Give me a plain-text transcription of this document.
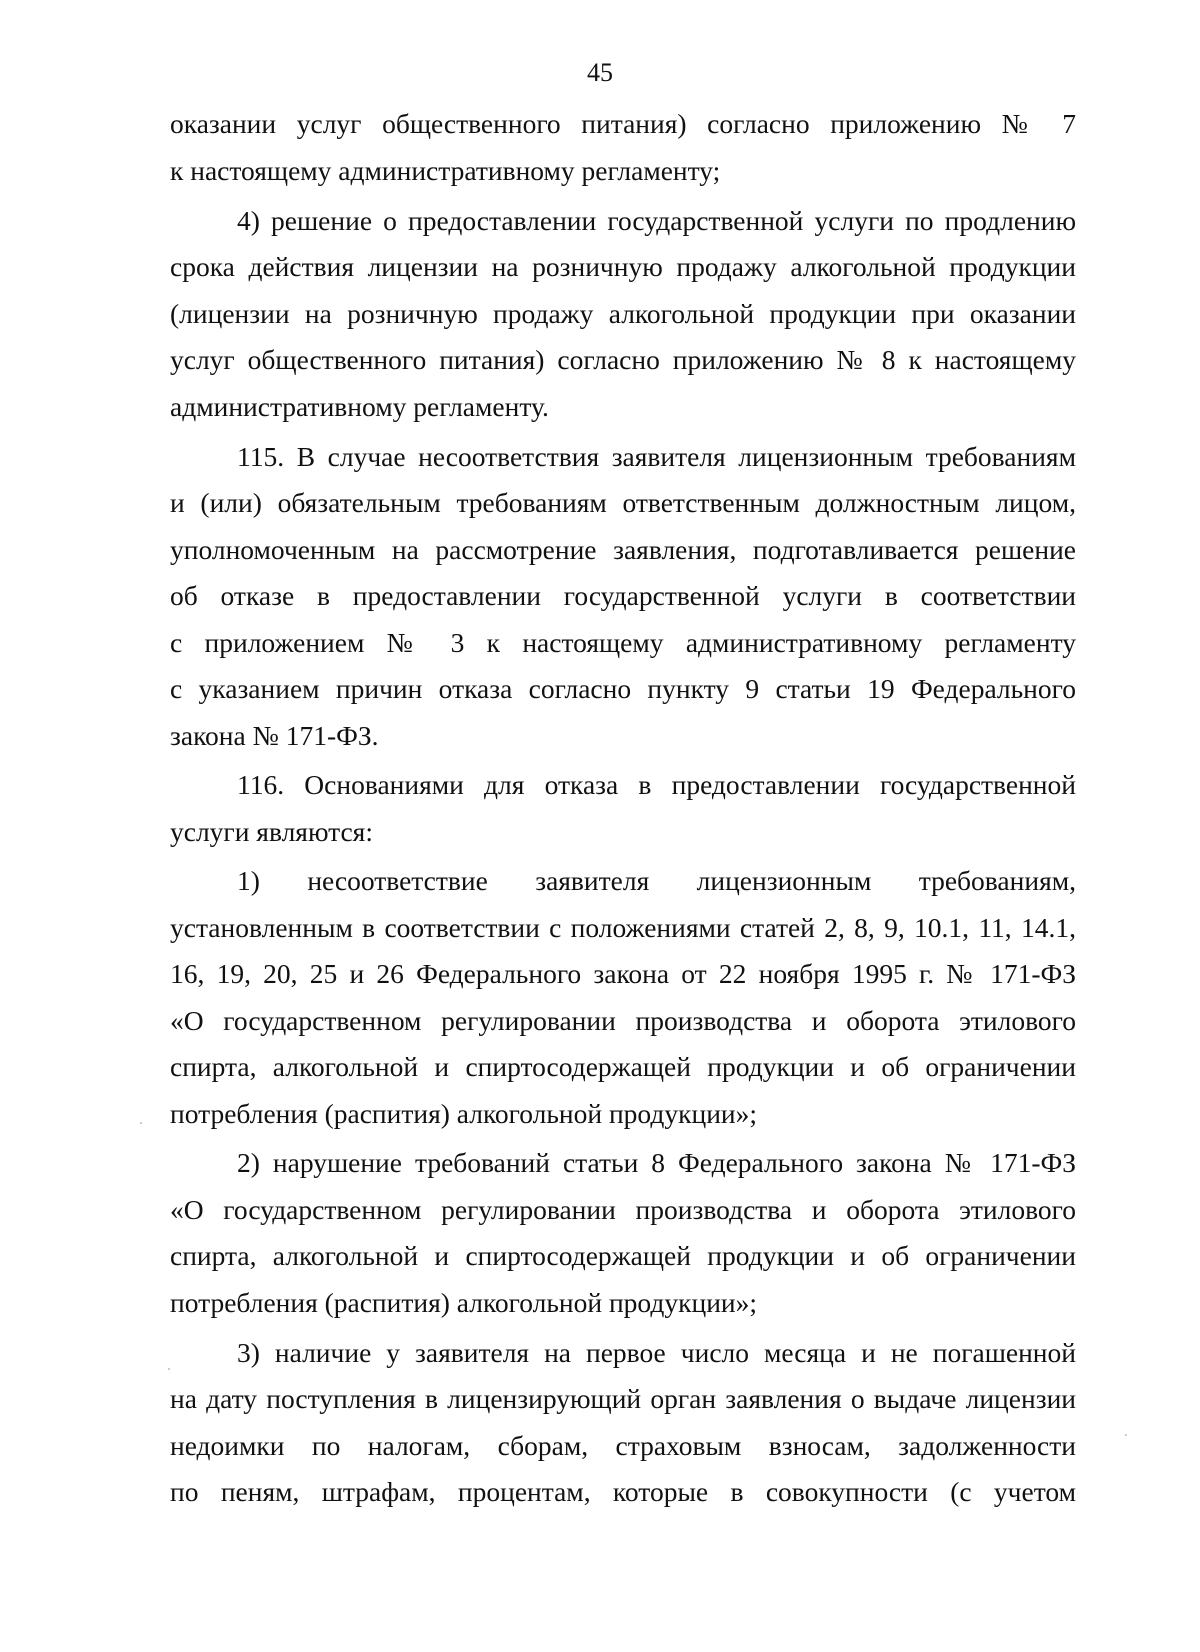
45
оказании услуг общественного питания) согласно приложению № 7
к настоящему административному регламенту;
4) решение о предоставлении государственной услуги по продлению
срока действия лицензии на розничную продажу алкогольной продукции
(лицензии на розничную продажу алкогольной продукции при оказании
услуг общественного питания) согласно приложению № 8 к настоящему
административному регламенту.
115. В случае несоответствия заявителя лицензионным требованиям
и (или) обязательным требованиям ответственным должностным лицом,
уполномоченным на рассмотрение заявления, подготавливается решение
об отказе в предоставлении государственной услуги в соответствии
с приложением № 3 к настоящему административному регламенту
с указанием причин отказа согласно пункту 9 статьи 19 Федерального
закона № 171-ФЗ.
116. Основаниями для отказа в предоставлении государственной
услуги являются:
1) несоответствие заявителя лицензионным требованиям,
установленным в соответствии с положениями статей 2, 8, 9, 10.1, 11, 14.1,
16, 19, 20, 25 и 26 Федерального закона от 22 ноября 1995 г. № 171-ФЗ
«О государственном регулировании производства и оборота этилового
спирта, алкогольной и спиртосодержащей продукции и об ограничении
потребления (распития) алкогольной продукции»;
2) нарушение требований статьи 8 Федерального закона № 171-ФЗ
«О государственном регулировании производства и оборота этилового
спирта, алкогольной и спиртосодержащей продукции и об ограничении
потребления (распития) алкогольной продукции»;
3) наличие у заявителя на первое число месяца и не погашенной
на дату поступления в лицензирующий орган заявления о выдаче лицензии
недоимки по налогам, сборам, страховым взносам, задолженности
по пеням, штрафам, процентам, которые в совокупности (с учетом
